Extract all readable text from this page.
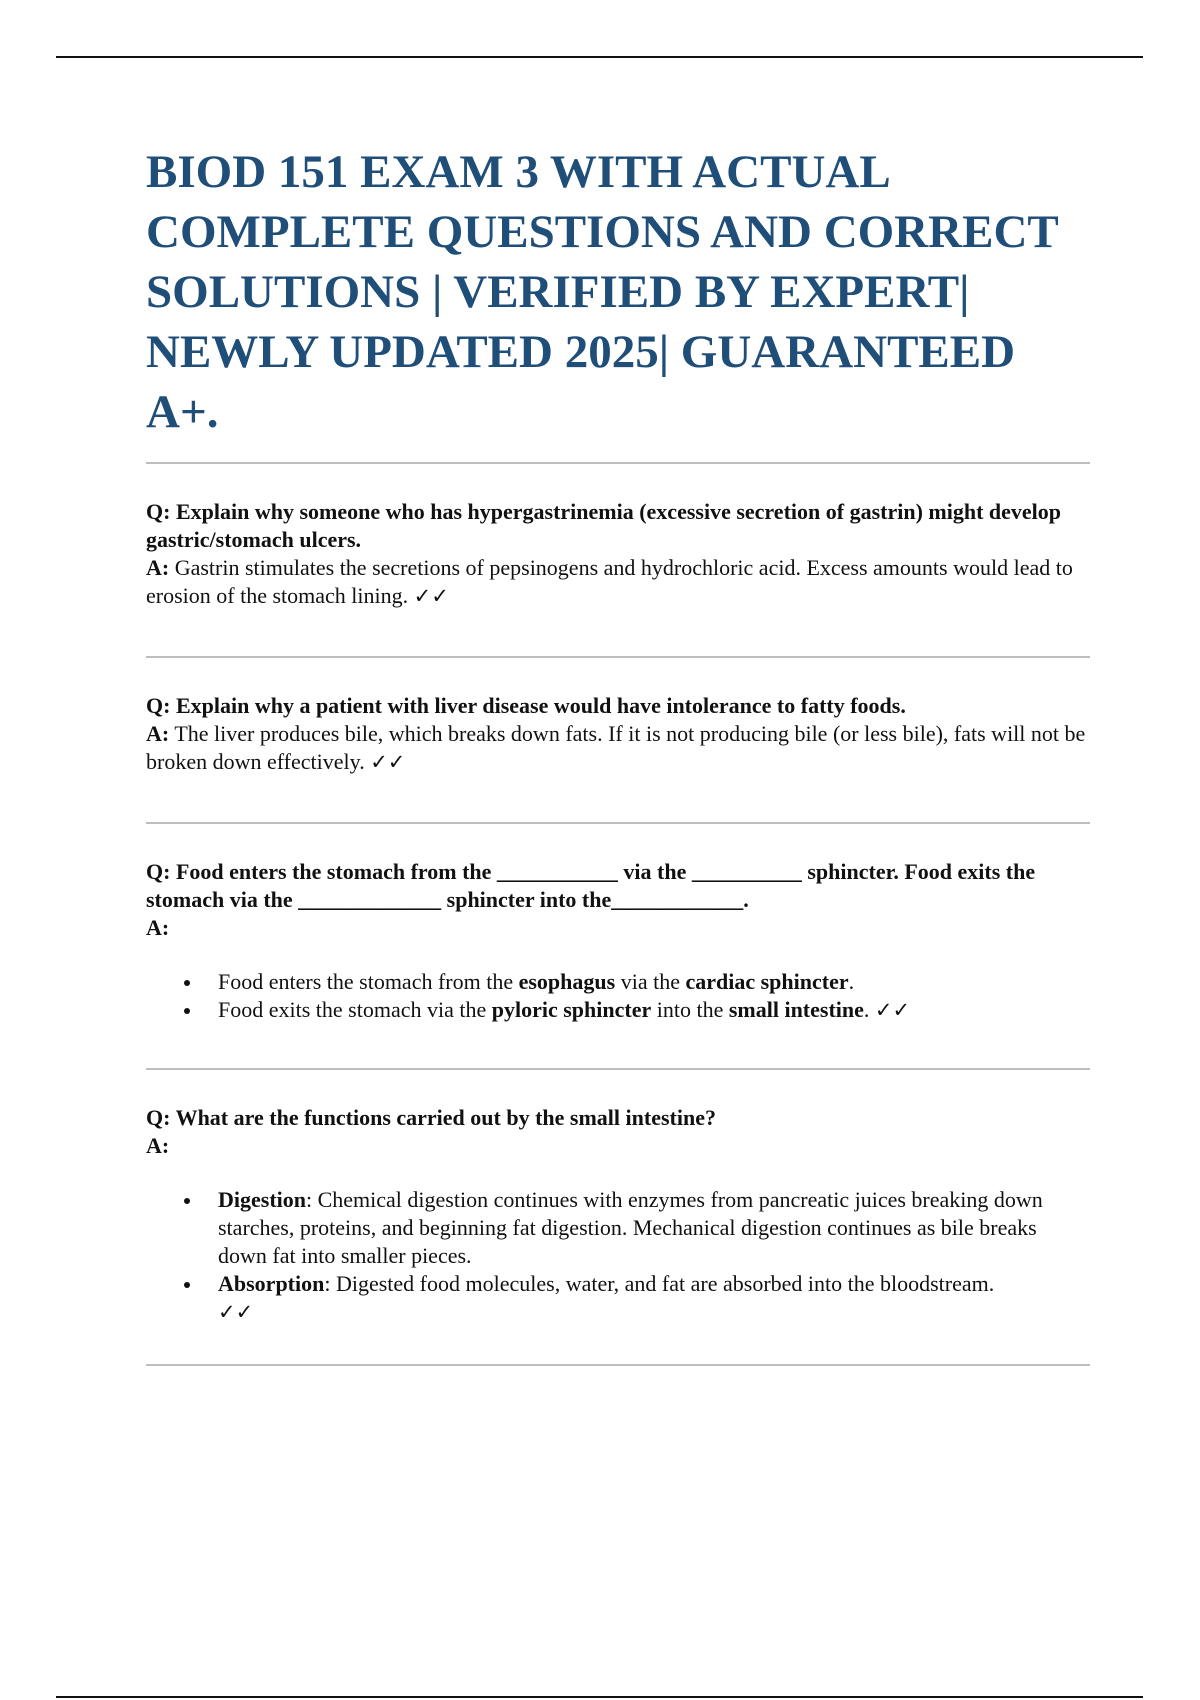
BIOD 151 EXAM 3 WITH ACTUAL COMPLETE QUESTIONS AND CORRECT SOLUTIONS | VERIFIED BY EXPERT| NEWLY UPDATED 2025| GUARANTEED A+.

Q: Explain why someone who has hypergastrinemia (excessive secretion of gastrin) might develop gastric/stomach ulcers.

A: Gastrin stimulates the secretions of pepsinogens and hydrochloric acid. Excess amounts would lead to erosion of the stomach lining. ✓✓

Q: Explain why a patient with liver disease would have intolerance to fatty foods.

A: The liver produces bile, which breaks down fats. If it is not producing bile (or less bile), fats will not be broken down effectively. ✓✓

Q: Food enters the stomach from the ___________ via the __________ sphincter. Food exits the stomach via the _____________ sphincter into the____________.

A:

Food enters the stomach from the esophagus via the cardiac sphincter.
Food exits the stomach via the pyloric sphincter into the small intestine. ✓✓

Q: What are the functions carried out by the small intestine?

A:

Digestion: Chemical digestion continues with enzymes from pancreatic juices breaking down starches, proteins, and beginning fat digestion. Mechanical digestion continues as bile breaks down fat into smaller pieces.
Absorption: Digested food molecules, water, and fat are absorbed into the bloodstream.
✓✓
